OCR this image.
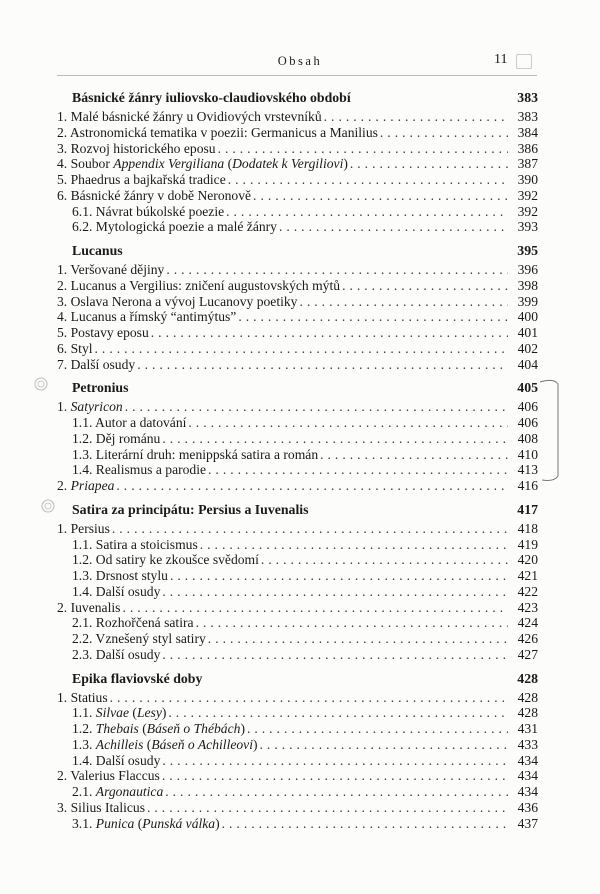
Obsah	11
Básnické žánry iuliovsko-claudiovského období	383
1. Malé básnické žánry u Ovidiových vrstevníků . . .	383
2. Astronomická tematika v poezii: Germanicus a Manilius . . .	384
3. Rozvoj historického eposu . . .	386
4. Soubor Appendix Vergiliana (Dodatek k Vergiliovi) . . .	387
5. Phaedrus a bajkařská tradice . . .	390
6. Básnické žánry v době Neronově . . .	392
6.1. Návrat búkolské poezie . . .	392
6.2. Mytologická poezie a malé žánry . . .	393
Lucanus	395
1. Veršované dějiny . . .	396
2. Lucanus a Vergilius: zničení augustovských mýtů . . .	398
3. Oslava Nerona a vývoj Lucanovy poetiky . . .	399
4. Lucanus a římský “antimýtus” . . .	400
5. Postavy eposu . . .	401
6. Styl . . .	402
7. Další osudy . . .	404
Petronius	405
1. Satyricon . . .	406
1.1. Autor a datování . . .	406
1.2. Děj románu . . .	408
1.3. Literární druh: menippská satira a román . . .	410
1.4. Realismus a parodie . . .	413
2. Priapea . . .	416
Satira za principátu: Persius a Iuvenalis	417
1. Persius . . .	418
1.1. Satira a stoicismus . . .	419
1.2. Od satiry ke zkoušce svědomí . . .	420
1.3. Drsnost stylu . . .	421
1.4. Další osudy . . .	422
2. Iuvenalis . . .	423
2.1. Rozhořčená satira . . .	424
2.2. Vznešený styl satiry . . .	426
2.3. Další osudy . . .	427
Epika flaviovské doby	428
1. Statius . . .	428
1.1. Silvae (Lesy) . . .	428
1.2. Thebais (Báseň o Thébách) . . .	431
1.3. Achilleis (Báseň o Achilleovi) . . .	433
1.4. Další osudy . . .	434
2. Valerius Flaccus . . .	434
2.1. Argonautica . . .	434
3. Silius Italicus . . .	436
3.1. Punica (Punská válka) . . .	437
